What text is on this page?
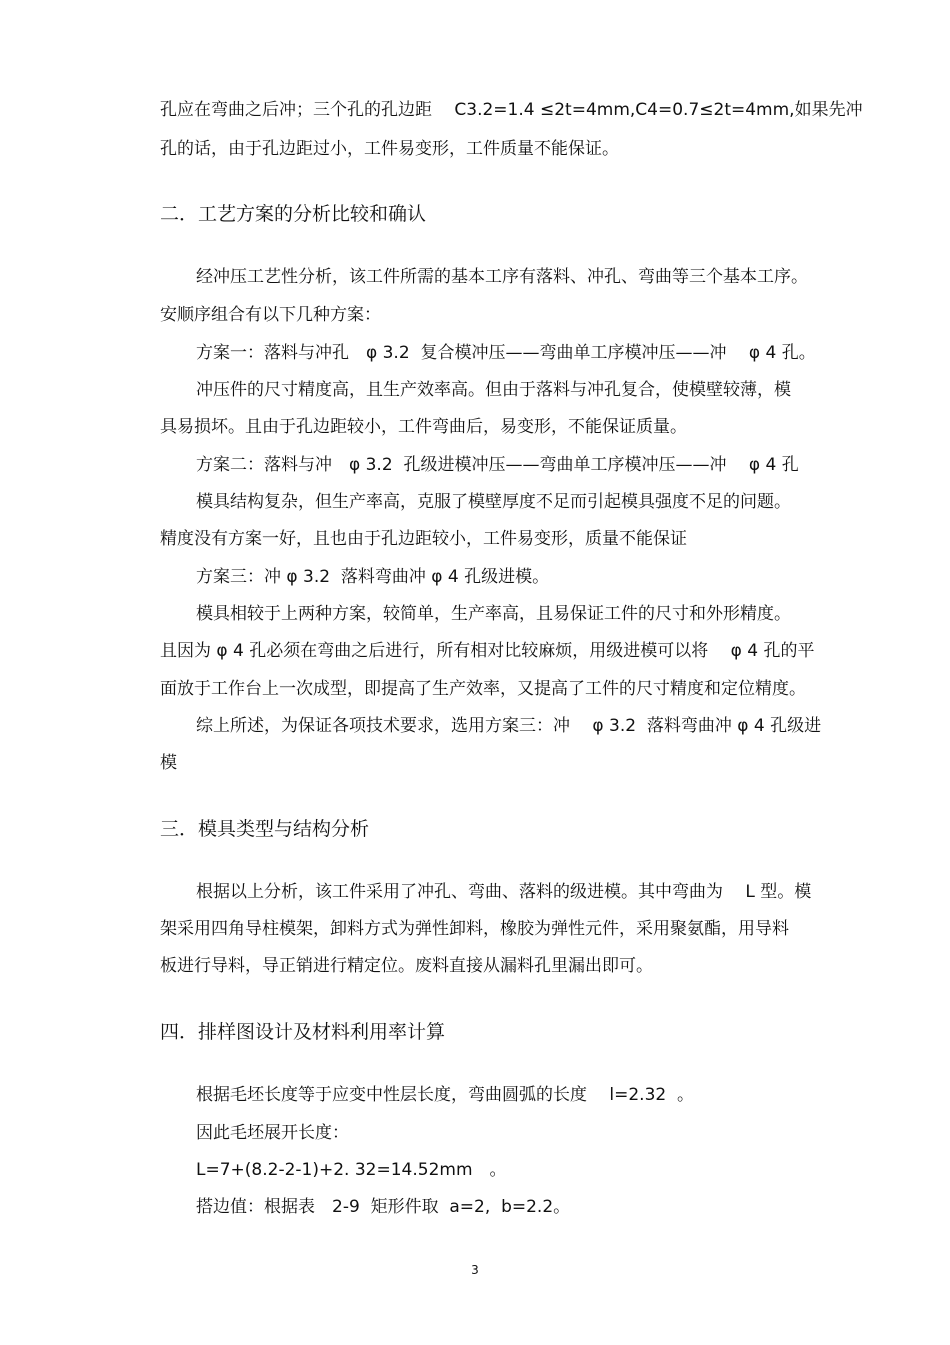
孔应在弯曲之后冲；三个孔的孔边距　 C3.2=1.4 ≤2t=4mm,C4=0.7≤2t=4mm,如果先冲
孔的话，由于孔边距过小，工件易变形，工件质量不能保证。
二．工艺方案的分析比较和确认
经冲压工艺性分析，该工件所需的基本工序有落料、冲孔、弯曲等三个基本工序。
安顺序组合有以下几种方案：
方案一：落料与冲孔　φ 3.2  复合模冲压——弯曲单工序模冲压——冲　 φ 4 孔。
冲压件的尺寸精度高，且生产效率高。但由于落料与冲孔复合，使模壁较薄，模
具易损坏。且由于孔边距较小，工件弯曲后，易变形，不能保证质量。
方案二：落料与冲　φ 3.2  孔级进模冲压——弯曲单工序模冲压——冲　 φ 4 孔
模具结构复杂，但生产率高，克服了模壁厚度不足而引起模具强度不足的问题。
精度没有方案一好，且也由于孔边距较小，工件易变形，质量不能保证
方案三：冲 φ 3.2  落料弯曲冲 φ 4 孔级进模。
模具相较于上两种方案，较简单，生产率高，且易保证工件的尺寸和外形精度。
且因为 φ 4 孔必须在弯曲之后进行，所有相对比较麻烦，用级进模可以将　 φ 4 孔的平
面放于工作台上一次成型，即提高了生产效率，又提高了工件的尺寸精度和定位精度。
综上所述，为保证各项技术要求，选用方案三：冲　 φ 3.2  落料弯曲冲 φ 4 孔级进
模
三．模具类型与结构分析
根据以上分析，该工件采用了冲孔、弯曲、落料的级进模。其中弯曲为　 L 型。模
架采用四角导柱模架，卸料方式为弹性卸料，橡胶为弹性元件，采用聚氨酯，用导料
板进行导料，导正销进行精定位。废料直接从漏料孔里漏出即可。
四．排样图设计及材料利用率计算
根据毛坯长度等于应变中性层长度，弯曲圆弧的长度　 l=2.32  。
因此毛坯展开长度：
L=7+(8.2-2-1)+2. 32=14.52mm　。
搭边值：根据表　2-9  矩形件取  a=2,  b=2.2。
3
